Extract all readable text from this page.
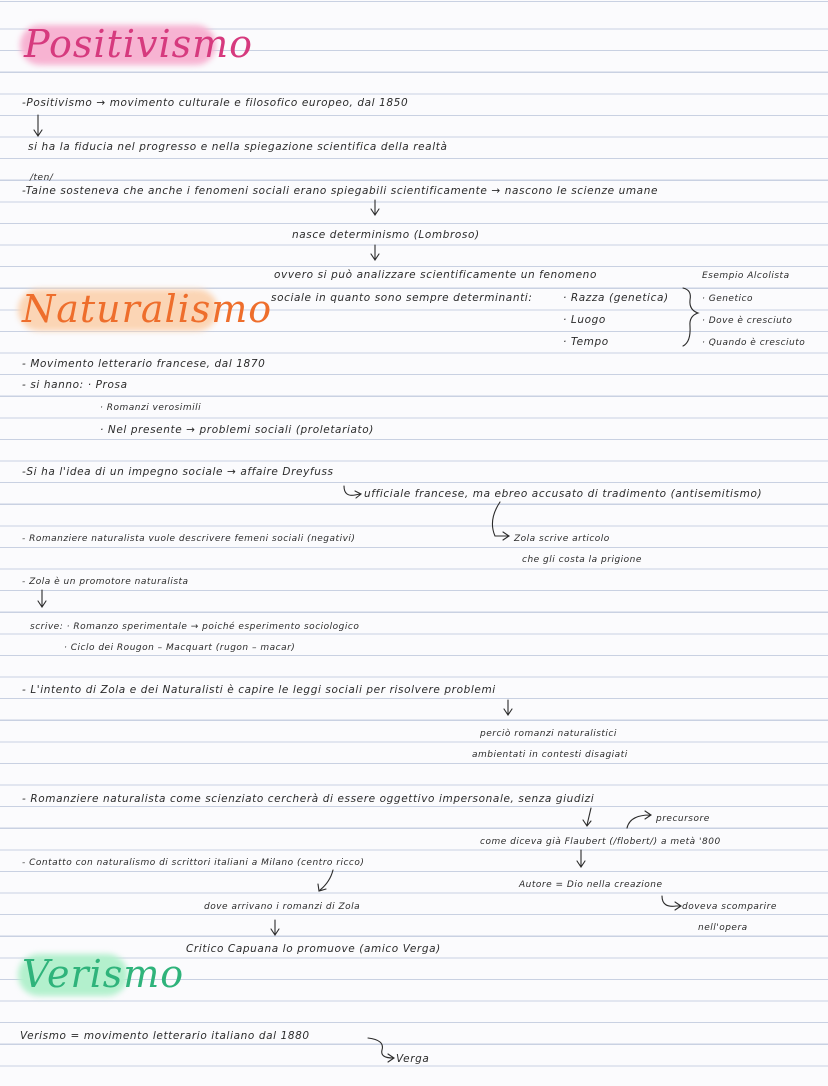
Positivismo
Naturalismo
Verismo
-Positivismo → movimento culturale e filosofico europeo, dal 1850
si ha la fiducia nel progresso e nella spiegazione scientifica della realtà
/ten/
-Taine sosteneva che anche i fenomeni sociali erano spiegabili scientificamente → nascono le scienze umane
nasce determinismo (Lombroso)
ovvero si può analizzare scientificamente un fenomeno
sociale in quanto sono sempre determinanti:	· Razza (genetica)
· Luogo
· Tempo
Esempio Alcolista
· Genetico
· Dove è cresciuto
· Quando è cresciuto
- Movimento letterario francese, dal 1870
- si hanno: · Prosa
· Romanzi verosimili
· Nel presente → problemi sociali (proletariato)
-Si ha l'idea di un impegno sociale → affaire Dreyfuss
ufficiale francese, ma ebreo accusato di tradimento (antisemitismo)
- Romanziere naturalista vuole descrivere femeni sociali (negativi)	Zola scrive articolo
che gli costa la prigione
- Zola è un promotore naturalista
scrive: · Romanzo sperimentale → poiché esperimento sociologico
· Ciclo dei Rougon – Macquart (rugon – macar)
- L'intento di Zola e dei Naturalisti è capire le leggi sociali per risolvere problemi
perciò romanzi naturalistici
ambientati in contesti disagiati
- Romanziere naturalista come scienziato cercherà di essere oggettivo impersonale, senza giudizi
precursore
come diceva già Flaubert (/flobert/) a metà '800
- Contatto con naturalismo di scrittori italiani a Milano (centro ricco)
Autore = Dio nella creazione
dove arrivano i romanzi di Zola	doveva scomparire
nell'opera
Critico Capuana lo promuove (amico Verga)
Verismo = movimento letterario italiano dal 1880
Verga
